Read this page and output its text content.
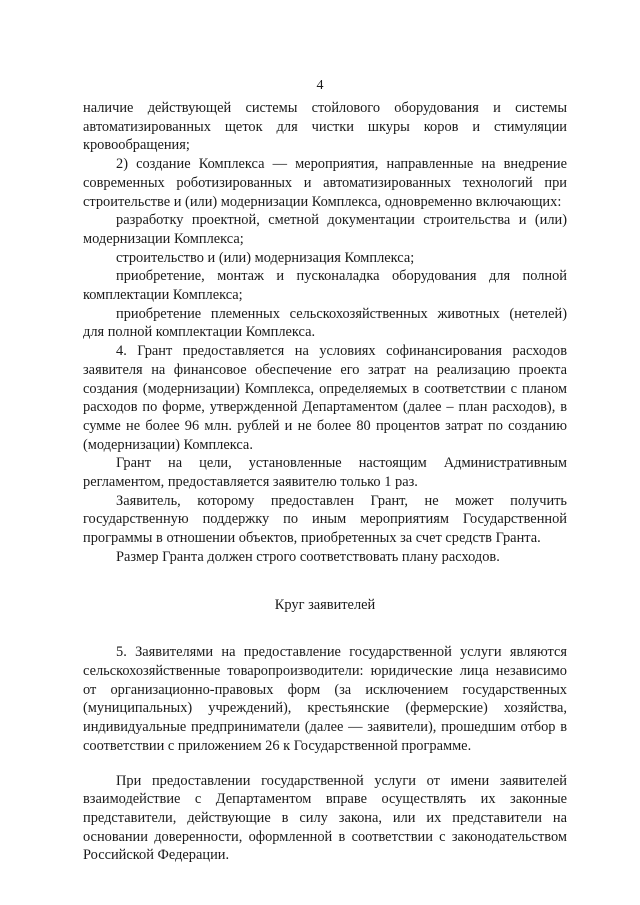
4

наличие действующей системы стойлового оборудования и системы автоматизированных щеток для чистки шкуры коров и стимуляции кровообращения;

2) создание Комплекса — мероприятия, направленные на внедрение современных роботизированных и автоматизированных технологий при строительстве и (или) модернизации Комплекса, одновременно включающих:

разработку проектной, сметной документации строительства и (или) модернизации Комплекса;

строительство и (или) модернизация Комплекса;

приобретение, монтаж и пусконаладка оборудования для полной комплектации Комплекса;

приобретение племенных сельскохозяйственных животных (нетелей) для полной комплектации Комплекса.

4. Грант предоставляется на условиях софинансирования расходов заявителя на финансовое обеспечение его затрат на реализацию проекта создания (модернизации) Комплекса, определяемых в соответствии с планом расходов по форме, утвержденной Департаментом (далее – план расходов), в сумме не более 96 млн. рублей и не более 80 процентов затрат по созданию (модернизации) Комплекса.

Грант на цели, установленные настоящим Административным регламентом, предоставляется заявителю только 1 раз.

Заявитель, которому предоставлен Грант, не может получить государственную поддержку по иным мероприятиям Государственной программы в отношении объектов, приобретенных за счет средств Гранта.

Размер Гранта должен строго соответствовать плану расходов.

Круг заявителей

5. Заявителями на предоставление государственной услуги являются сельскохозяйственные товаропроизводители: юридические лица независимо от организационно-правовых форм (за исключением государственных (муниципальных) учреждений), крестьянские (фермерские) хозяйства, индивидуальные предприниматели (далее — заявители), прошедшим отбор в соответствии с приложением 26 к Государственной программе.

При предоставлении государственной услуги от имени заявителей взаимодействие с Департаментом вправе осуществлять их законные представители, действующие в силу закона, или их представители на основании доверенности, оформленной в соответствии с законодательством Российской Федерации.
